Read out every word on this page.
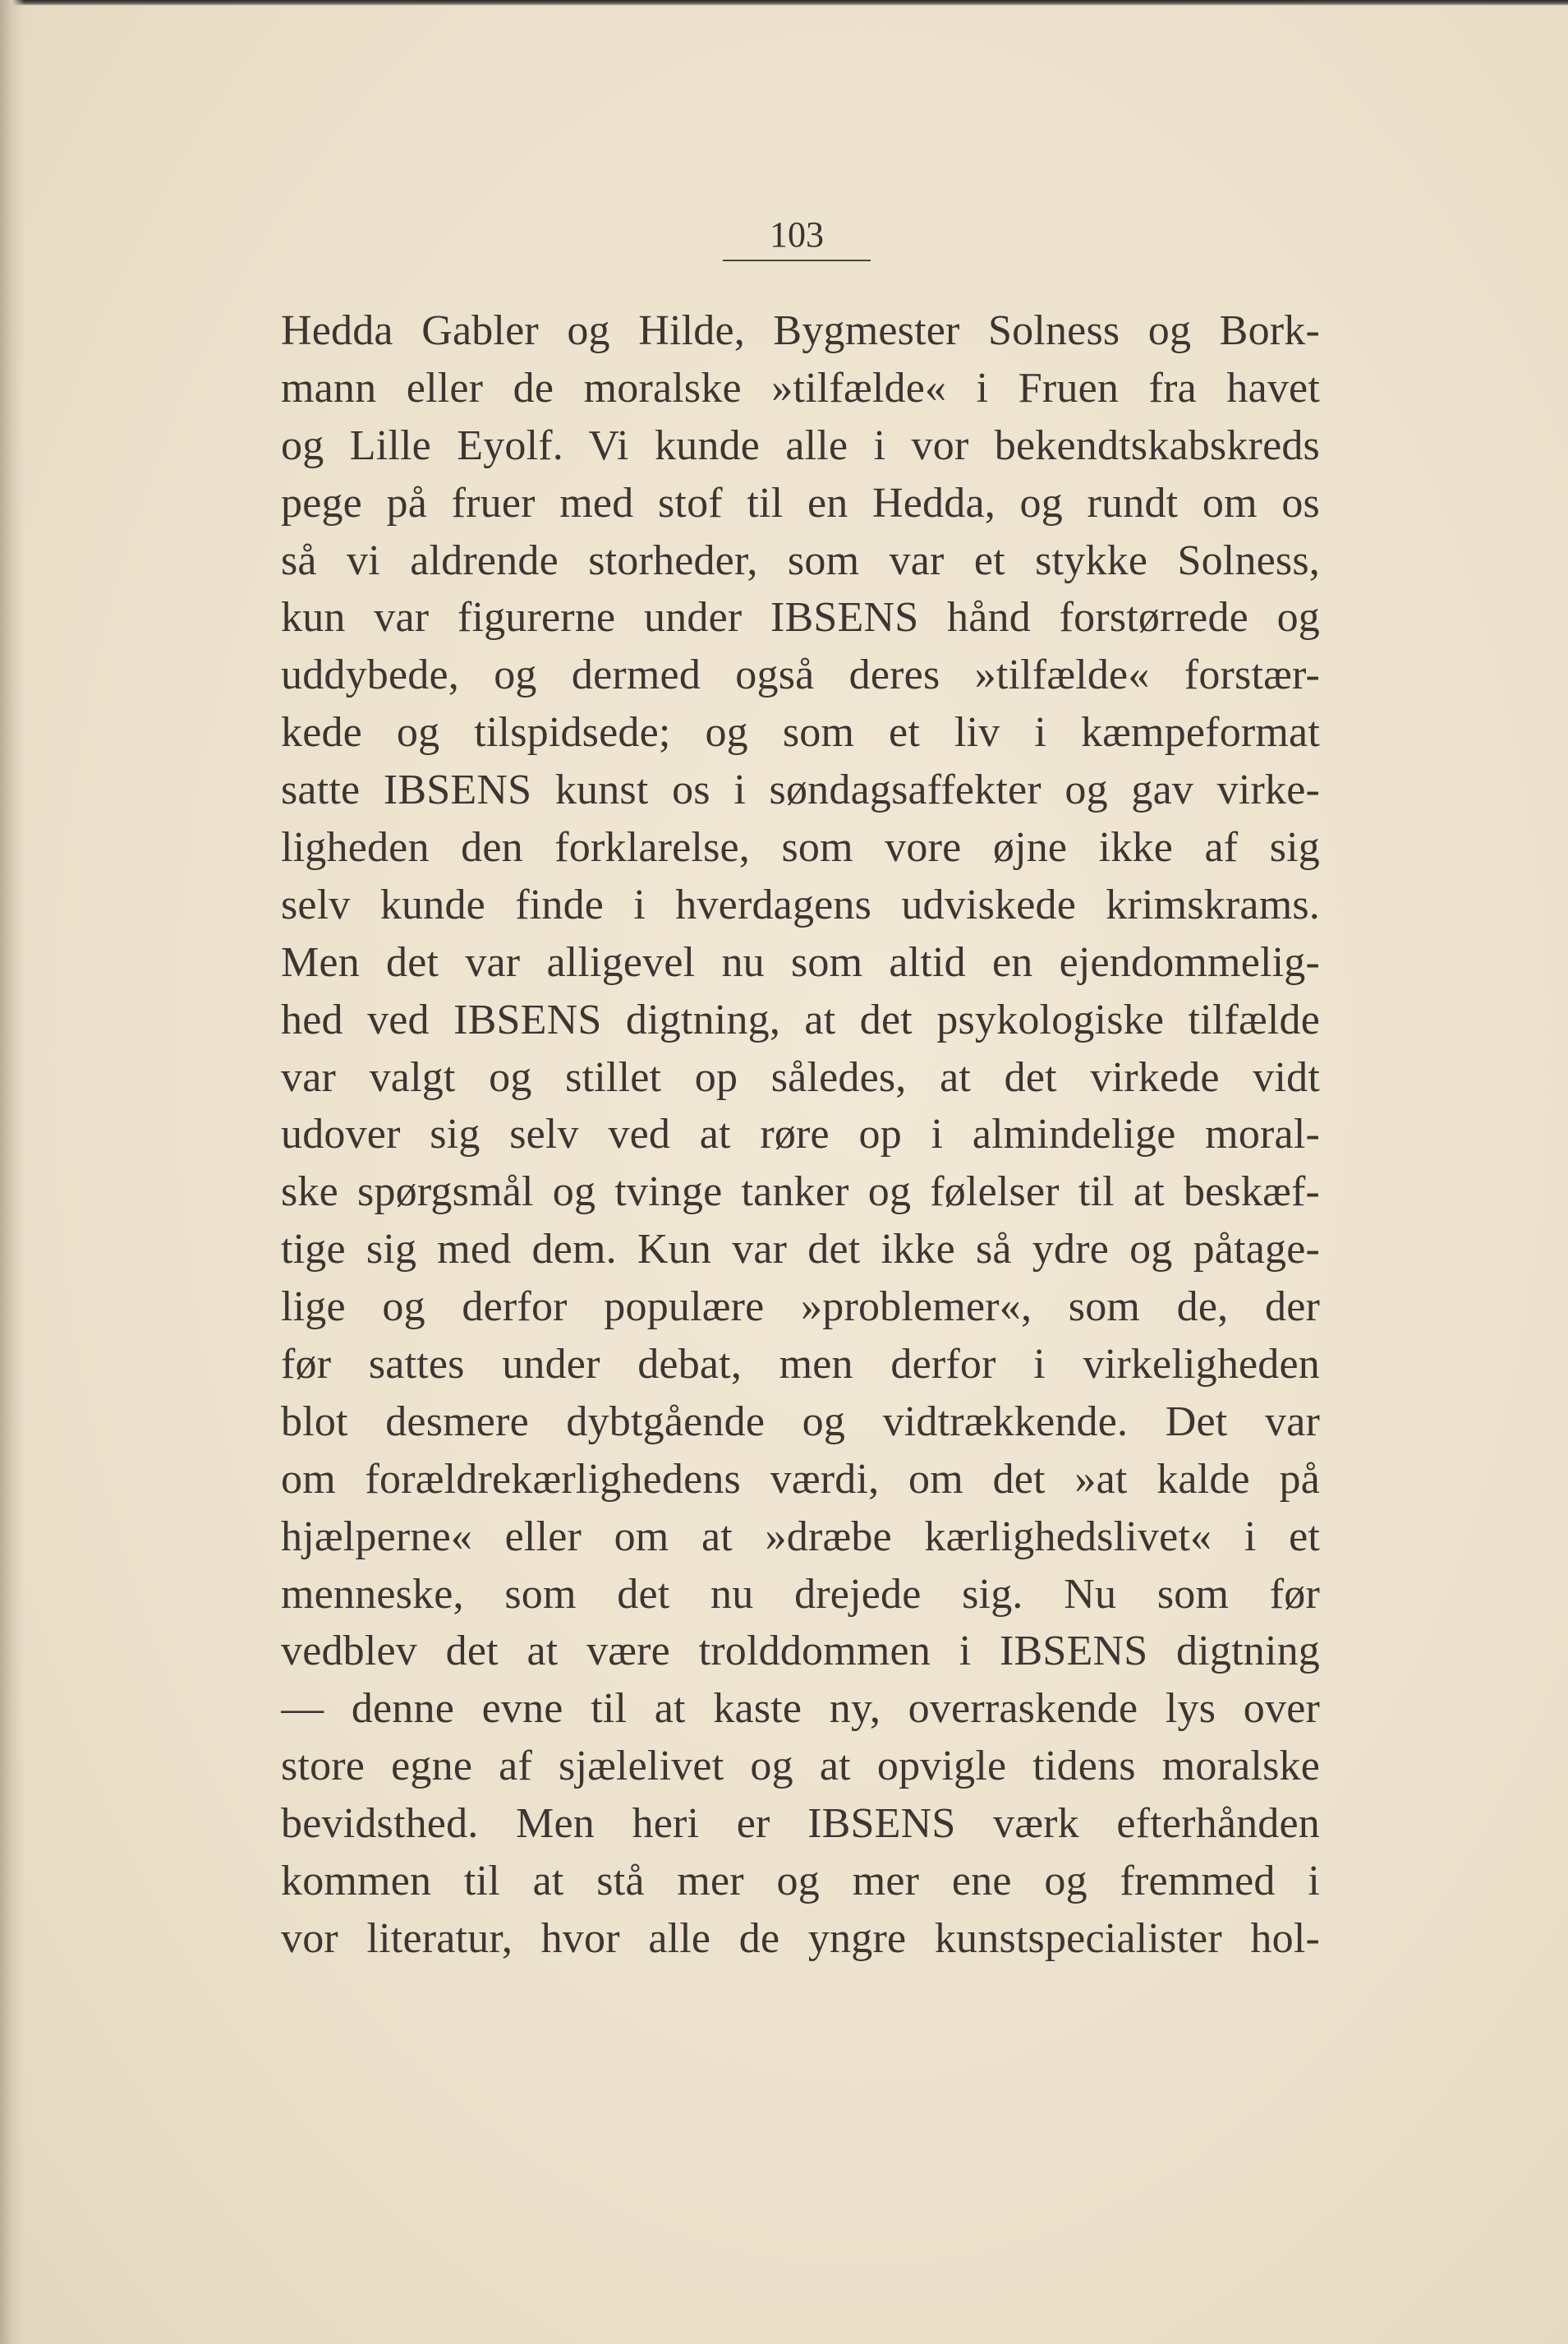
103
Hedda Gabler og Hilde, Bygmester Solness og Bork-
mann eller de moralske »tilfælde« i Fruen fra havet
og Lille Eyolf. Vi kunde alle i vor bekendtskabskreds
pege på fruer med stof til en Hedda, og rundt om os
så vi aldrende storheder, som var et stykke Solness,
kun var figurerne under IBSENS hånd forstørrede og
uddybede, og dermed også deres »tilfælde« forstær-
kede og tilspidsede; og som et liv i kæmpeformat
satte IBSENS kunst os i søndagsaffekter og gav virke-
ligheden den forklarelse, som vore øjne ikke af sig
selv kunde finde i hverdagens udviskede krimskrams.
Men det var alligevel nu som altid en ejendommelig-
hed ved IBSENS digtning, at det psykologiske tilfælde
var valgt og stillet op således, at det virkede vidt
udover sig selv ved at røre op i almindelige moral-
ske spørgsmål og tvinge tanker og følelser til at beskæf-
tige sig med dem. Kun var det ikke så ydre og påtage-
lige og derfor populære »problemer«, som de, der
før sattes under debat, men derfor i virkeligheden
blot desmere dybtgående og vidtrækkende. Det var
om forældrekærlighedens værdi, om det »at kalde på
hjælperne« eller om at »dræbe kærlighedslivet« i et
menneske, som det nu drejede sig. Nu som før
vedblev det at være trolddommen i IBSENS digtning
— denne evne til at kaste ny, overraskende lys over
store egne af sjælelivet og at opvigle tidens moralske
bevidsthed. Men heri er IBSENS værk efterhånden
kommen til at stå mer og mer ene og fremmed i
vor literatur, hvor alle de yngre kunstspecialister hol-
